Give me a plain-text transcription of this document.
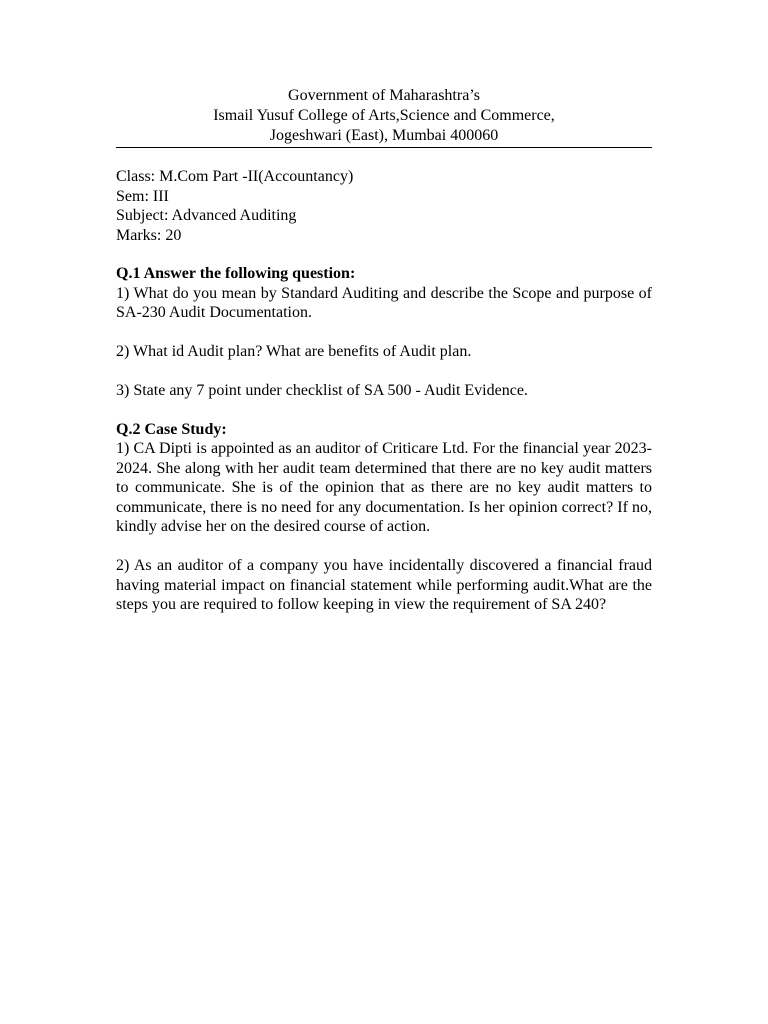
Government of Maharashtra’s
Ismail Yusuf College of Arts,Science and Commerce,
Jogeshwari (East), Mumbai 400060
Class: M.Com Part -II(Accountancy)
Sem: III
Subject: Advanced Auditing
Marks: 20
Q.1 Answer the following question:
1) What do you mean by Standard Auditing and describe the Scope and purpose of SA-230 Audit Documentation.
2) What id Audit plan? What are benefits of Audit plan.
3) State any 7 point under checklist of SA 500 - Audit Evidence.
Q.2 Case Study:
1) CA Dipti is appointed as an auditor of Criticare Ltd. For the financial year 2023-2024. She along with her audit team determined that there are no key audit matters to communicate. She is of the opinion that as there are no key audit matters to communicate, there is no need for any documentation. Is her opinion correct? If no, kindly advise her on the desired course of action.
2) As an auditor of a company you have incidentally discovered a financial fraud having material impact on financial statement while performing audit.What are the steps you are required to follow keeping in view the requirement of SA 240?
